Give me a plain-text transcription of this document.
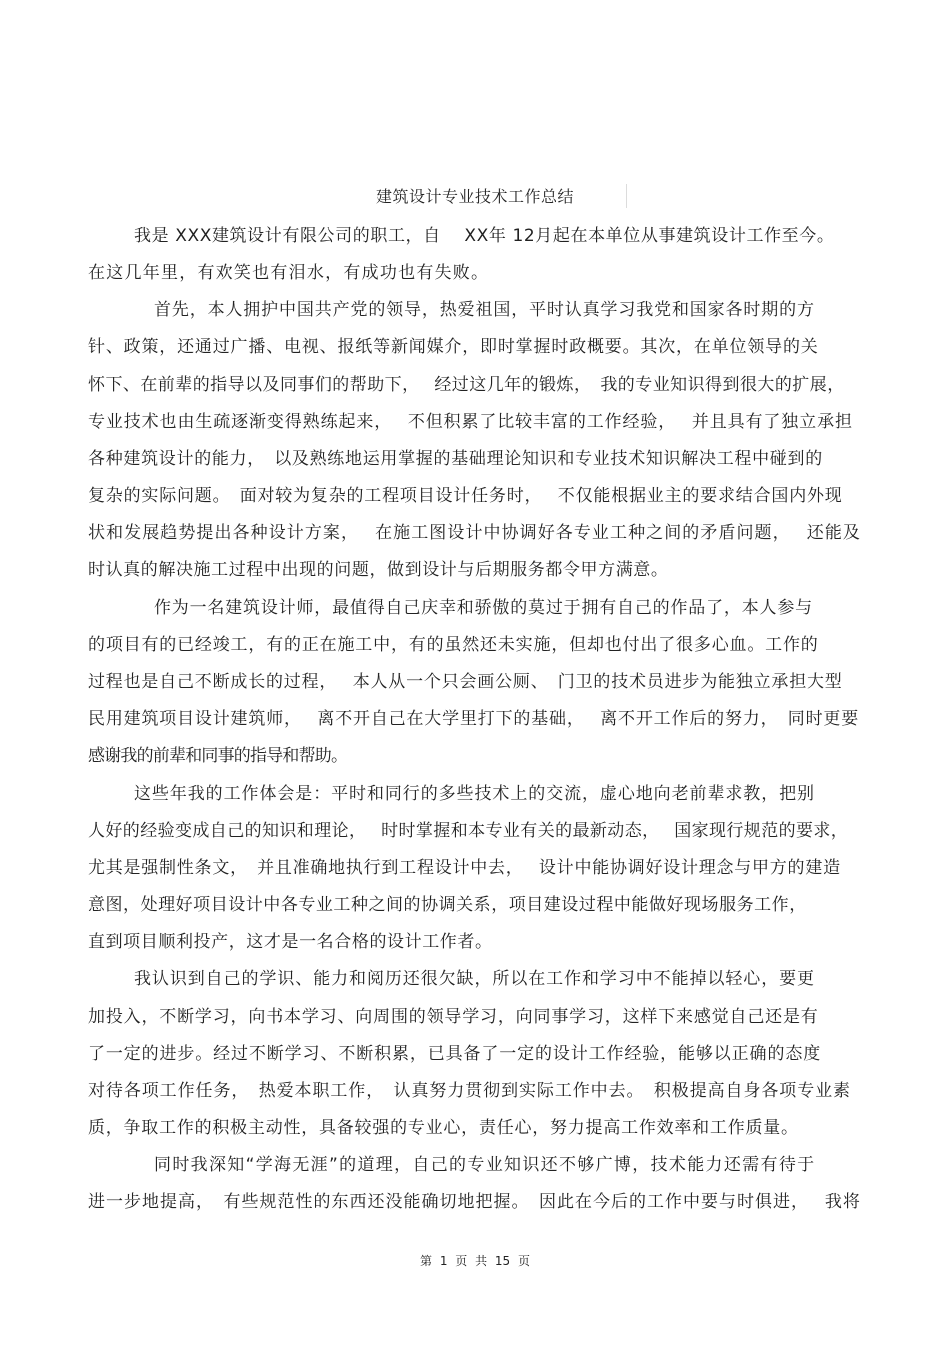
建筑设计专业技术工作总结
我是 XXX建筑设计有限公司的职工，自　 XX年 12月起在本单位从事建筑设计工作至今。
在这几年里，有欢笑也有泪水，有成功也有失败。
首先，本人拥护中国共产党的领导，热爱祖国，平时认真学习我党和国家各时期的方
针、政策，还通过广播、电视、报纸等新闻媒介，即时掌握时政概要。其次，在单位领导的关
怀下、在前辈的指导以及同事们的帮助下，　 经过这几年的锻炼，　我的专业知识得到很大的扩展，
专业技术也由生疏逐渐变得熟练起来，　 不但积累了比较丰富的工作经验，　 并且具有了独立承担
各种建筑设计的能力，　以及熟练地运用掌握的基础理论知识和专业技术知识解决工程中碰到的
复杂的实际问题。　面对较为复杂的工程项目设计任务时，　 不仅能根据业主的要求结合国内外现
状和发展趋势提出各种设计方案，　 在施工图设计中协调好各专业工种之间的矛盾问题，　 还能及
时认真的解决施工过程中出现的问题，做到设计与后期服务都令甲方满意。
作为一名建筑设计师，最值得自己庆幸和骄傲的莫过于拥有自己的作品了，本人参与
的项目有的已经竣工，有的正在施工中，有的虽然还未实施，但却也付出了很多心血。工作的
过程也是自己不断成长的过程，　 本人从一个只会画公厕、　门卫的技术员进步为能独立承担大型
民用建筑项目设计建筑师，　 离不开自己在大学里打下的基础，　 离不开工作后的努力，　同时更要
感谢我的前辈和同事的指导和帮助。
这些年我的工作体会是：平时和同行的多些技术上的交流，虚心地向老前辈求教，把别
人好的经验变成自己的知识和理论，　 时时掌握和本专业有关的最新动态，　 国家现行规范的要求，
尤其是强制性条文，　并且准确地执行到工程设计中去，　 设计中能协调好设计理念与甲方的建造
意图，处理好项目设计中各专业工种之间的协调关系，项目建设过程中能做好现场服务工作，
直到项目顺利投产，这才是一名合格的设计工作者。
我认识到自己的学识、能力和阅历还很欠缺，所以在工作和学习中不能掉以轻心，要更
加投入，不断学习，向书本学习、向周围的领导学习，向同事学习，这样下来感觉自己还是有
了一定的进步。经过不断学习、不断积累，已具备了一定的设计工作经验，能够以正确的态度
对待各项工作任务，　热爱本职工作，　认真努力贯彻到实际工作中去。　积极提高自身各项专业素
质，争取工作的积极主动性，具备较强的专业心，责任心，努力提高工作效率和工作质量。
同时我深知“学海无涯”的道理，自己的专业知识还不够广博，技术能力还需有待于
进一步地提高，　有些规范性的东西还没能确切地把握。　因此在今后的工作中要与时俱进，　 我将
第 1 页 共 15 页
